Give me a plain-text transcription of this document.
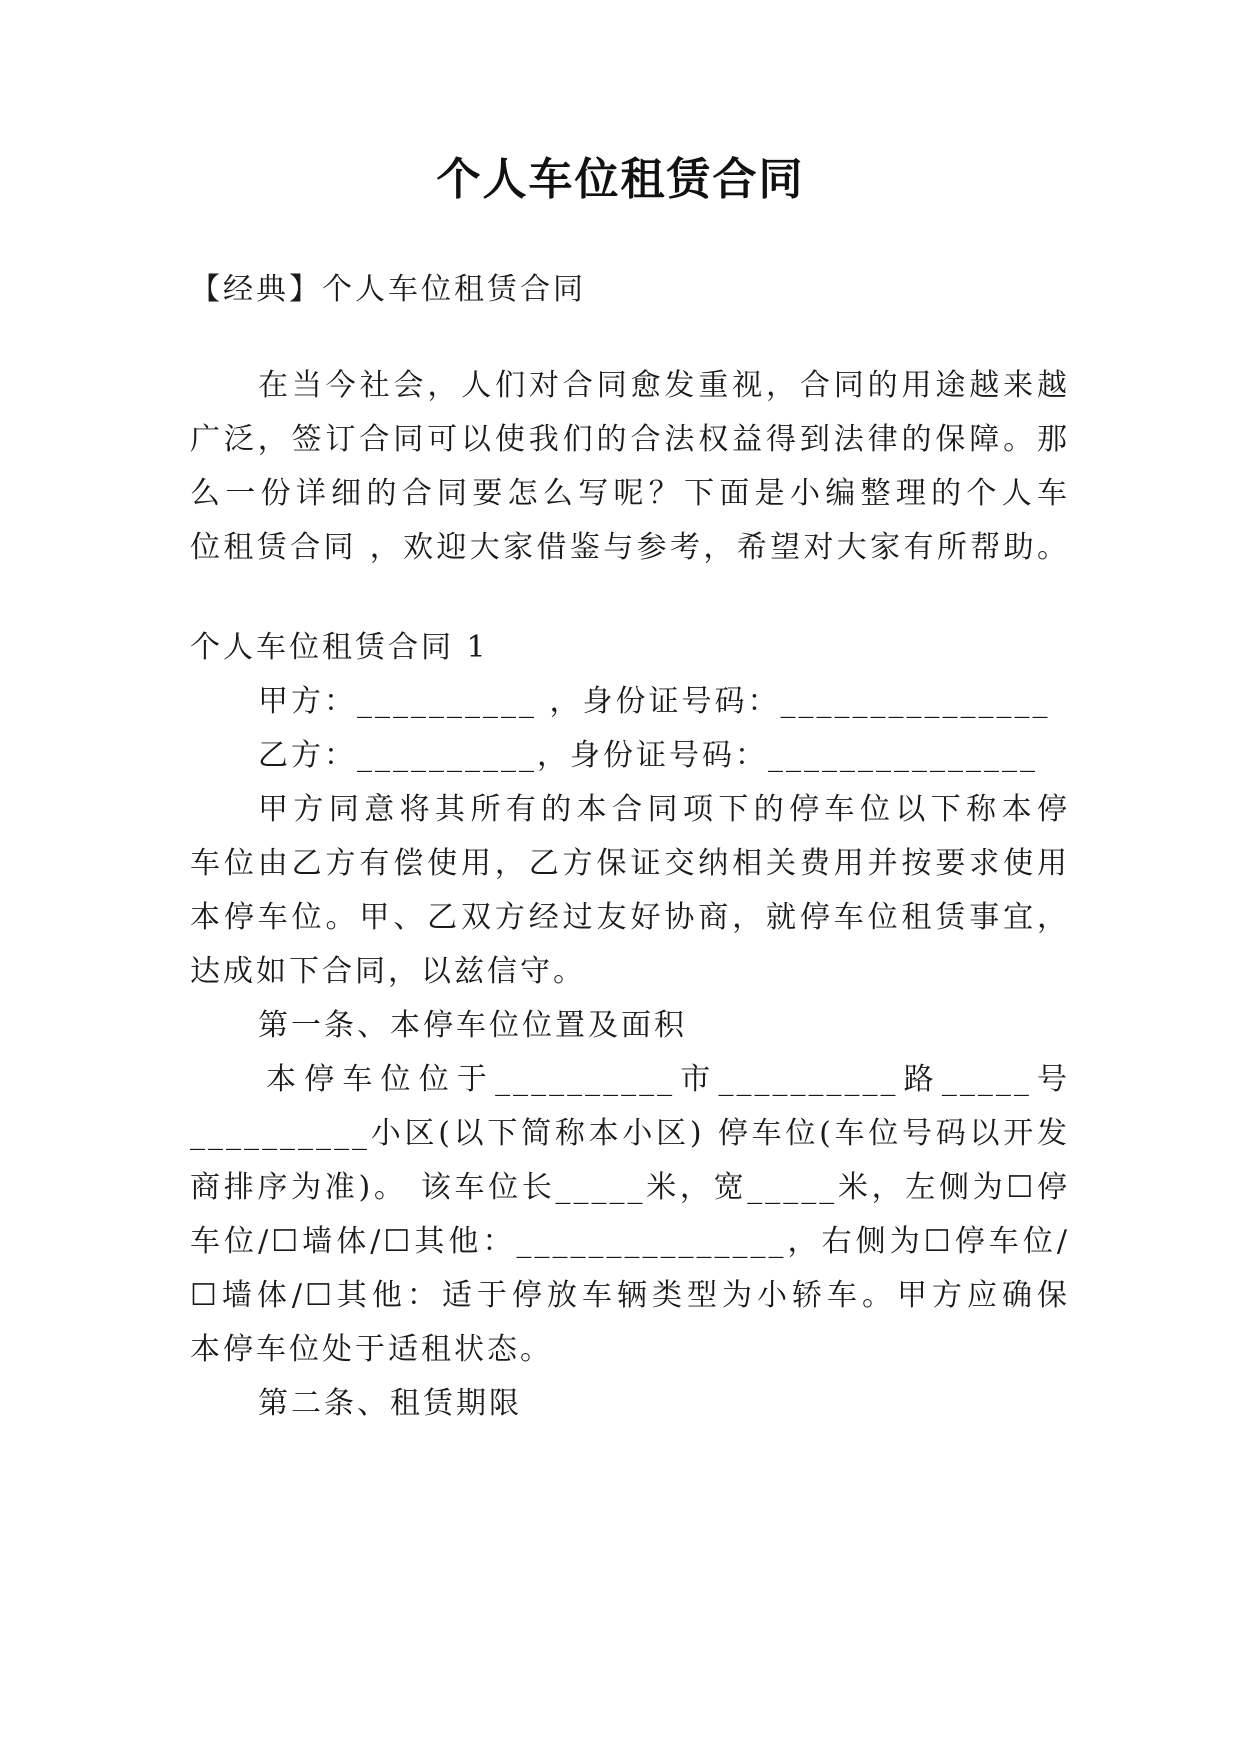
个人车位租赁合同
【经典】个人车位租赁合同
在当今社会，人们对合同愈发重视，合同的用途越来越
广泛，签订合同可以使我们的合法权益得到法律的保障。那
么一份详细的合同要怎么写呢？下面是小编整理的个人车
位租赁合同 ，欢迎大家借鉴与参考，希望对大家有所帮助。
个人车位租赁合同 1
甲方：__________ ，身份证号码：_______________
乙方：__________，身份证号码：_______________
甲方同意将其所有的本合同项下的停车位以下称本停
车位由乙方有偿使用，乙方保证交纳相关费用并按要求使用
本停车位。甲、乙双方经过友好协商，就停车位租赁事宜，
达成如下合同，以兹信守。
第一条、本停车位位置及面积
本停车位位于__________市__________路_____号
__________小区(以下简称本小区) 停车位(车位号码以开发
商排序为准)。 该车位长_____米，宽_____米，左侧为☐停
车位/☐墙体/☐其他：_______________，右侧为☐停车位/
☐墙体/☐其他：适于停放车辆类型为小轿车。甲方应确保
本停车位处于适租状态。
第二条、租赁期限
